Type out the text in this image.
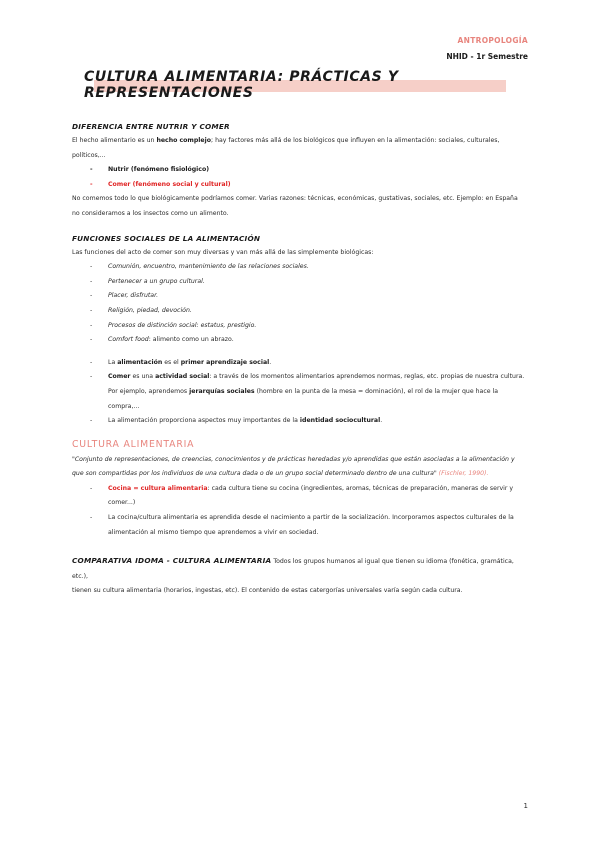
ANTROPOLOGÍA
NHID - 1r Semestre
CULTURA ALIMENTARIA: PRÁCTICAS Y REPRESENTACIONES
DIFERENCIA ENTRE NUTRIR Y COMER

El hecho alimentario es un hecho complejo; hay factores más allá de los biológicos que influyen en la alimentación: sociales, culturales, políticos,...

- Nutrir (fenómeno fisiológico)
- Comer (fenómeno social y cultural)

No comemos todo lo que biológicamente podríamos comer. Varias razones: técnicas, económicas, gustativas, sociales, etc. Ejemplo: en España

no consideramos a los insectos como un alimento.

FUNCIONES SOCIALES DE LA ALIMENTACIÓN

Las funciones del acto de comer son muy diversas y van más allá de las simplemente biológicas:

- Comunión, encuentro, mantenimiento de las relaciones sociales.
- Pertenecer a un grupo cultural.
- Placer, disfrutar.
- Religión, piedad, devoción.
- Procesos de distinción social: estatus, prestigio.
- Comfort food: alimento como un abrazo.
- La alimentación es el primer aprendizaje social.
- Comer es una actividad social: a través de los momentos alimentarios aprendemos normas, reglas, etc. propias de nuestra cultura.

Por ejemplo, aprendemos jerarquías sociales (hombre en la punta de la mesa = dominación), el rol de la mujer que hace la compra,...

- La alimentación proporciona aspectos muy importantes de la identidad sociocultural.
CULTURA ALIMENTARIA

"Conjunto de representaciones, de creencias, conocimientos y de prácticas heredadas y/o aprendidas que están asociadas a la alimentación y

que son compartidas por los individuos de una cultura dada o de un grupo social determinado dentro de una cultura" (Fischler, 1990).

- Cocina = cultura alimentaria: cada cultura tiene su cocina (ingredientes, aromas, técnicas de preparación, maneras de servir y

comer...)

- La cocina/cultura alimentaria es aprendida desde el nacimiento a partir de la socialización. Incorporamos aspectos culturales de la

alimentación al mismo tiempo que aprendemos a vivir en sociedad.

COMPARATIVA IDOMA - CULTURA ALIMENTARIA Todos los grupos humanos al igual que tienen su idioma (fonética, gramática, etc.),

tienen su cultura alimentaria (horarios, ingestas, etc). El contenido de estas catergorías universales varía según cada cultura.

1
